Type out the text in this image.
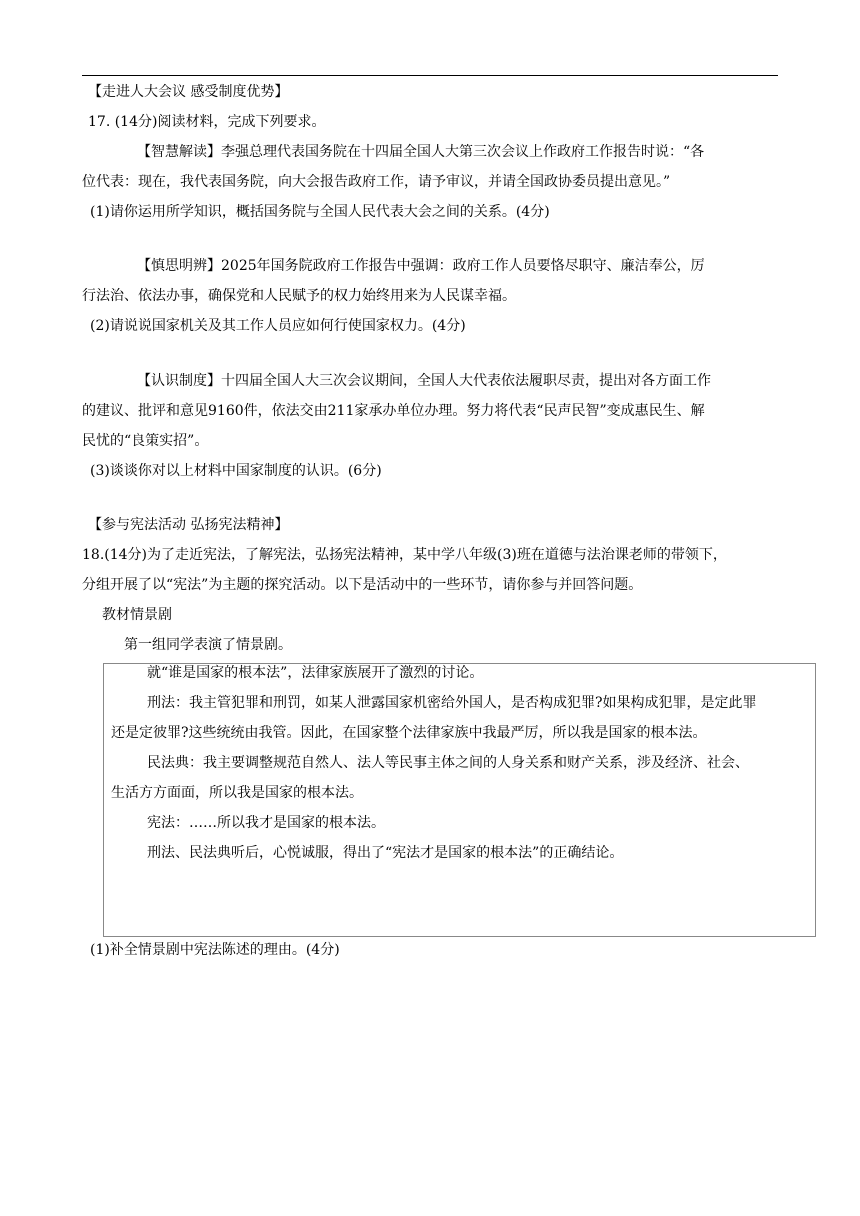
【走进人大会议 感受制度优势】
17. (14分)阅读材料，完成下列要求。
【智慧解读】李强总理代表国务院在十四届全国人大第三次会议上作政府工作报告时说：“各
位代表：现在，我代表国务院，向大会报告政府工作，请予审议，并请全国政协委员提出意见。”
(1)请你运用所学知识，概括国务院与全国人民代表大会之间的关系。(4分)
【慎思明辨】2025年国务院政府工作报告中强调：政府工作人员要恪尽职守、廉洁奉公，厉
行法治、依法办事，确保党和人民赋予的权力始终用来为人民谋幸福。
(2)请说说国家机关及其工作人员应如何行使国家权力。(4分)
【认识制度】十四届全国人大三次会议期间，全国人大代表依法履职尽责，提出对各方面工作
的建议、批评和意见9160件，依法交由211家承办单位办理。努力将代表“民声民智”变成惠民生、解
民忧的“良策实招”。
(3)谈谈你对以上材料中国家制度的认识。(6分)
【参与宪法活动 弘扬宪法精神】
18.(14分)为了走近宪法，了解宪法，弘扬宪法精神，某中学八年级(3)班在道德与法治课老师的带领下，
分组开展了以“宪法”为主题的探究活动。以下是活动中的一些环节，请你参与并回答问题。
教材情景剧
第一组同学表演了情景剧。
就“谁是国家的根本法”，法律家族展开了激烈的讨论。
刑法：我主管犯罪和刑罚，如某人泄露国家机密给外国人，是否构成犯罪?如果构成犯罪，是定此罪
还是定彼罪?这些统统由我管。因此，在国家整个法律家族中我最严厉，所以我是国家的根本法。
民法典：我主要调整规范自然人、法人等民事主体之间的人身关系和财产关系，涉及经济、社会、
生活方方面面，所以我是国家的根本法。
宪法：……所以我才是国家的根本法。
刑法、民法典听后，心悦诚服，得出了“宪法才是国家的根本法”的正确结论。
(1)补全情景剧中宪法陈述的理由。(4分)
